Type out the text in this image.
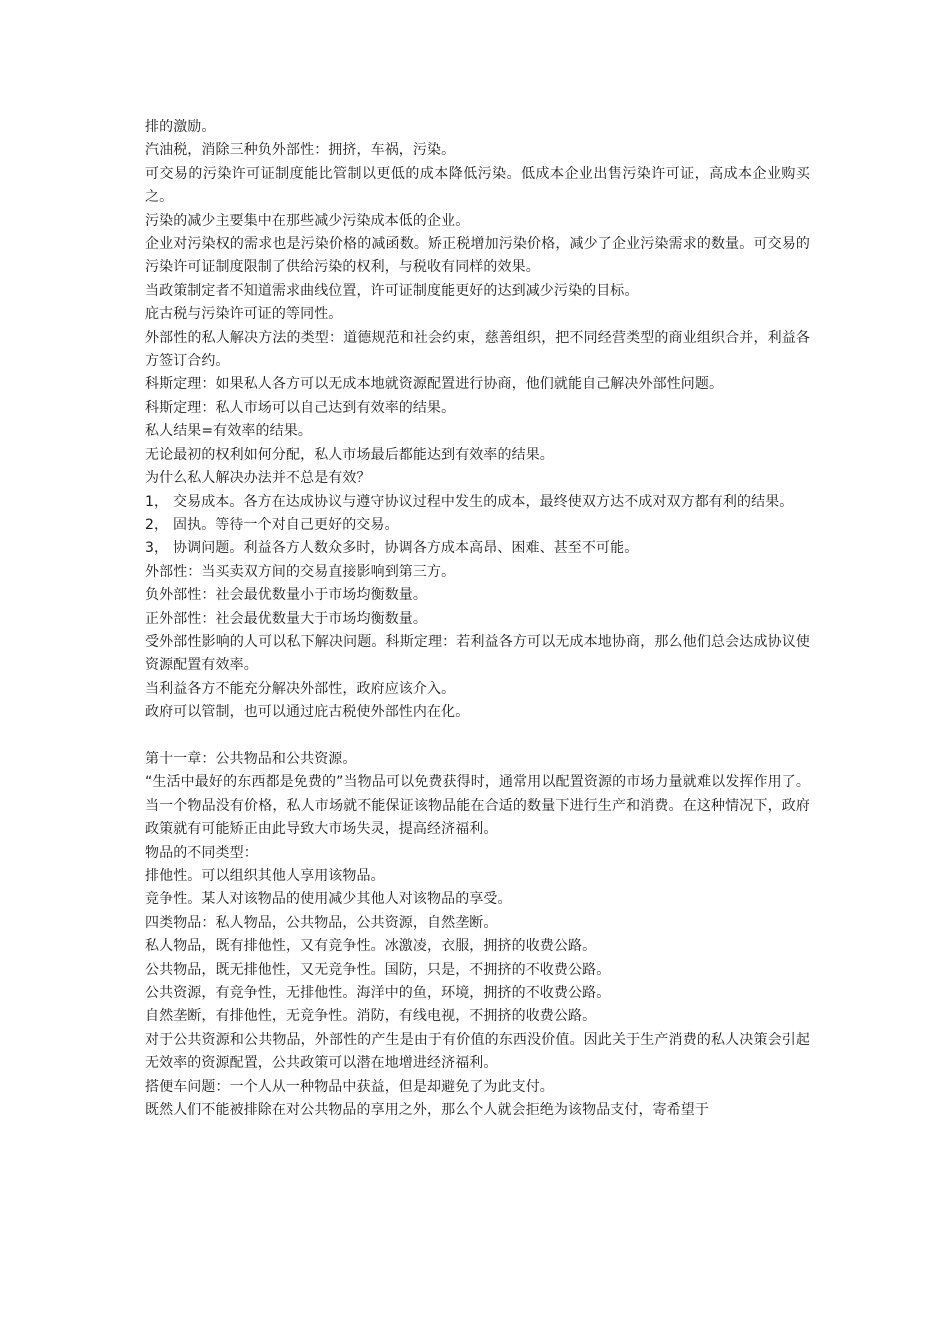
排的激励。

汽油税，消除三种负外部性：拥挤，车祸，污染。

可交易的污染许可证制度能比管制以更低的成本降低污染。低成本企业出售污染许可证，高成本企业购买之。

污染的减少主要集中在那些减少污染成本低的企业。

企业对污染权的需求也是污染价格的减函数。矫正税增加污染价格，减少了企业污染需求的数量。可交易的污染许可证制度限制了供给污染的权利，与税收有同样的效果。

当政策制定者不知道需求曲线位置，许可证制度能更好的达到减少污染的目标。

庇古税与污染许可证的等同性。

外部性的私人解决方法的类型：道德规范和社会约束，慈善组织，把不同经营类型的商业组织合并，利益各方签订合约。

科斯定理：如果私人各方可以无成本地就资源配置进行协商，他们就能自己解决外部性问题。

科斯定理：私人市场可以自己达到有效率的结果。

私人结果=有效率的结果。

无论最初的权利如何分配，私人市场最后都能达到有效率的结果。

为什么私人解决办法并不总是有效？

1， 交易成本。各方在达成协议与遵守协议过程中发生的成本，最终使双方达不成对双方都有利的结果。
2， 固执。等待一个对自己更好的交易。
3， 协调问题。利益各方人数众多时，协调各方成本高昂、困难、甚至不可能。

外部性：当买卖双方间的交易直接影响到第三方。

负外部性：社会最优数量小于市场均衡数量。

正外部性：社会最优数量大于市场均衡数量。

受外部性影响的人可以私下解决问题。科斯定理：若利益各方可以无成本地协商，那么他们总会达成协议使资源配置有效率。

当利益各方不能充分解决外部性，政府应该介入。

政府可以管制，也可以通过庇古税使外部性内在化。

第十一章：公共物品和公共资源。

“生活中最好的东西都是免费的”当物品可以免费获得时，通常用以配置资源的市场力量就难以发挥作用了。当一个物品没有价格，私人市场就不能保证该物品能在合适的数量下进行生产和消费。在这种情况下，政府政策就有可能矫正由此导致大市场失灵，提高经济福利。

物品的不同类型：

排他性。可以组织其他人享用该物品。

竞争性。某人对该物品的使用减少其他人对该物品的享受。

四类物品：私人物品，公共物品，公共资源，自然垄断。

私人物品，既有排他性，又有竞争性。冰激凌，衣服，拥挤的收费公路。

公共物品，既无排他性，又无竞争性。国防，只是，不拥挤的不收费公路。

公共资源，有竞争性，无排他性。海洋中的鱼，环境，拥挤的不收费公路。

自然垄断，有排他性，无竞争性。消防，有线电视，不拥挤的收费公路。

对于公共资源和公共物品，外部性的产生是由于有价值的东西没价值。因此关于生产消费的私人决策会引起无效率的资源配置，公共政策可以潜在地增进经济福利。

搭便车问题：一个人从一种物品中获益，但是却避免了为此支付。

既然人们不能被排除在对公共物品的享用之外，那么个人就会拒绝为该物品支付，寄希望于
